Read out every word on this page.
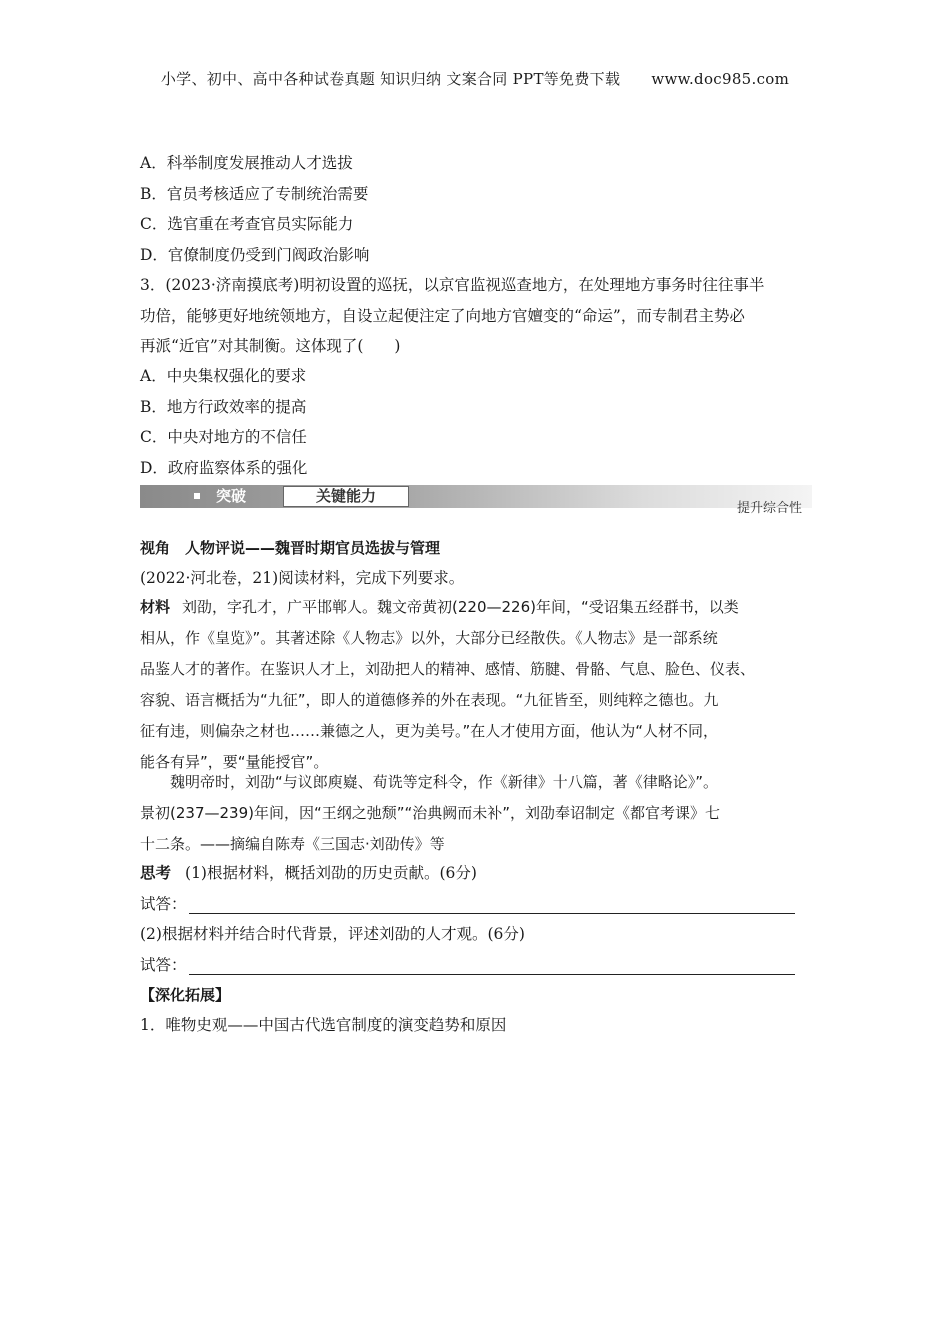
小学、初中、高中各种试卷真题 知识归纳 文案合同 PPT等免费下载 www.doc985.com
A．科举制度发展推动人才选拔
B．官员考核适应了专制统治需要
C．选官重在考查官员实际能力
D．官僚制度仍受到门阀政治影响
3．(2023·济南摸底考)明初设置的巡抚，以京官监视巡查地方，在处理地方事务时往往事半
功倍，能够更好地统领地方，自设立起便注定了向地方官嬗变的“命运”，而专制君主势必
再派“近官”对其制衡。这体现了(　　)
A．中央集权强化的要求
B．地方行政效率的提高
C．中央对地方的不信任
D．政府监察体系的强化
突破	关键能力
提升综合性
视角　人物评说——魏晋时期官员选拔与管理
(2022·河北卷，21)阅读材料，完成下列要求。
材料 刘劭，字孔才，广平邯郸人。魏文帝黄初(220—226)年间，“受诏集五经群书，以类
相从，作《皇览》”。其著述除《人物志》以外，大部分已经散佚。《人物志》是一部系统
品鉴人才的著作。在鉴识人才上，刘劭把人的精神、感情、筋腱、骨骼、气息、脸色、仪表、
容貌、语言概括为“九征”，即人的道德修养的外在表现。“九征皆至，则纯粹之德也。九
征有违，则偏杂之材也……兼德之人，更为美号。”在人才使用方面，他认为“人材不同，
能各有异”，要“量能授官”。
魏明帝时，刘劭“与议郎庾嶷、荀诜等定科令，作《新律》十八篇，著《律略论》”。
景初(237—239)年间，因“王纲之弛颓”“治典阙而未补”，刘劭奉诏制定《都官考课》七
十二条。——摘编自陈寿《三国志·刘劭传》等
思考 (1)根据材料，概括刘劭的历史贡献。(6分)
试答：
(2)根据材料并结合时代背景，评述刘劭的人才观。(6分)
试答：
【深化拓展】
1．唯物史观——中国古代选官制度的演变趋势和原因
